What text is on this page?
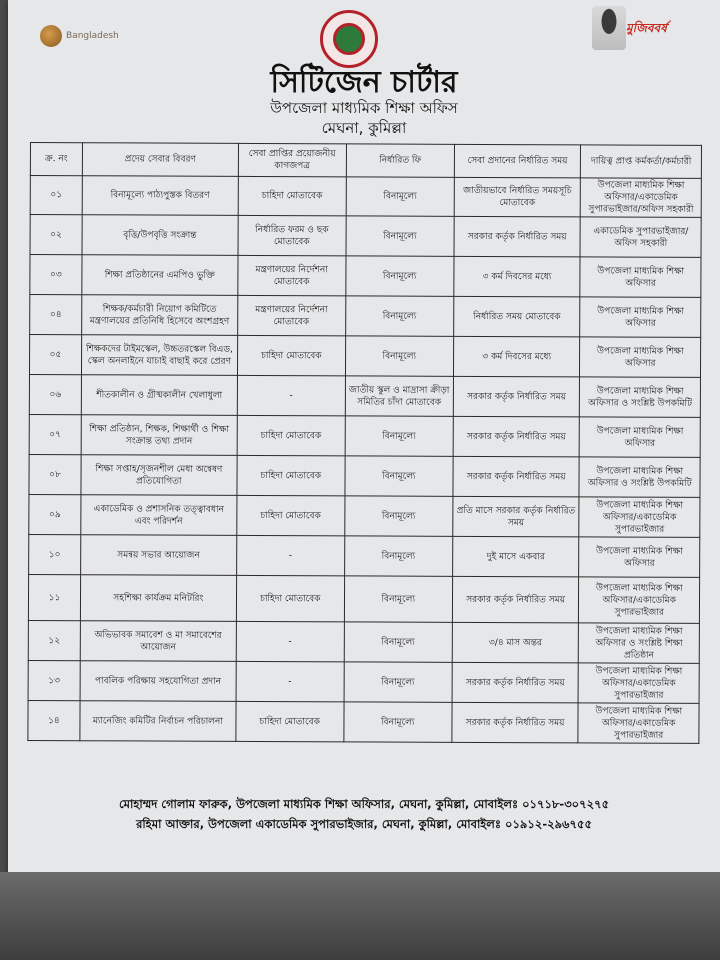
Bangladesh
মুজিববর্ষ
সিটিজেন চার্টার
উপজেলা মাধ্যমিক শিক্ষা অফিস
মেঘনা, কুমিল্লা
ক্র. নং	প্রদেয় সেবার বিবরণ	সেবা প্রাপ্তির প্রয়োজনীয় কাগজপত্র	নির্ধারিত ফি	সেবা প্রদানের নির্ধারিত সময়	দায়িত্ব প্রাপ্ত কর্মকর্তা/কর্মচারী
০১	বিনামূল্যে পাঠ্যপুস্তক বিতরণ	চাহিদা মোতাবেক	বিনামূল্যে	জাতীয়ভাবে নির্ধারিত সময়সূচি মোতাবেক	উপজেলা মাধ্যমিক শিক্ষা অফিসার/একাডেমিক সুপারভাইজার/অফিস সহকারী
০২	বৃত্তি/উপবৃত্তি সংক্রান্ত	নির্ধারিত ফরম ও ছক মোতাবেক	বিনামূল্যে	সরকার কর্তৃক নির্ধারিত সময়	একাডেমিক সুপারভাইজার/অফিস সহকারী
০৩	শিক্ষা প্রতিষ্ঠানের এমপিও ভুক্তি	মন্ত্রণালয়ের নির্দেশনা মোতাবেক	বিনামূল্যে	৩ কর্ম দিবসের মধ্যে	উপজেলা মাধ্যমিক শিক্ষা অফিসার
০৪	শিক্ষক/কর্মচারী নিয়োগ কমিটিতে মন্ত্রণালয়ের প্রতিনিধি হিসেবে অংশগ্রহণ	মন্ত্রণালয়ের নির্দেশনা মোতাবেক	বিনামূল্যে	নির্ধারিত সময় মোতাবেক	উপজেলা মাধ্যমিক শিক্ষা অফিসার
০৫	শিক্ষকদের টাইমস্কেল, উচ্চতরস্কেল বিএড, স্কেল অনলাইনে যাচাই বাছাই করে প্রেরণ	চাহিদা মোতাবেক	বিনামূল্যে	৩ কর্ম দিবসের মধ্যে	উপজেলা মাধ্যমিক শিক্ষা অফিসার
০৬	শীতকালীন ও গ্রীষ্মকালীন খেলাধুলা	-	জাতীয় স্কুল ও মাদ্রাসা ক্রীড়া সমিতির চাঁদা মোতাবেক	সরকার কর্তৃক নির্ধারিত সময়	উপজেলা মাধ্যমিক শিক্ষা অফিসার ও সংশ্লিষ্ট উপকমিটি
০৭	শিক্ষা প্রতিষ্ঠান, শিক্ষক, শিক্ষার্থী ও শিক্ষা সংক্রান্ত তথ্য প্রদান	চাহিদা মোতাবেক	বিনামূল্যে	সরকার কর্তৃক নির্ধারিত সময়	উপজেলা মাধ্যমিক শিক্ষা অফিসার
০৮	শিক্ষা সপ্তাহ/সৃজনশীল মেধা অন্বেষণ প্রতিযোগিতা	চাহিদা মোতাবেক	বিনামূল্যে	সরকার কর্তৃক নির্ধারিত সময়	উপজেলা মাধ্যমিক শিক্ষা অফিসার ও সংশ্লিষ্ট উপকমিটি
০৯	একাডেমিক ও প্রশাসনিক তত্ত্বাবধান এবং পরিদর্শন	চাহিদা মোতাবেক	বিনামূল্যে	প্রতি মাসে সরকার কর্তৃক নির্ধারিত সময়	উপজেলা মাধ্যমিক শিক্ষা অফিসার/একাডেমিক সুপারভাইজার
১০	সমন্বয় সভার আয়োজন	-	বিনামূল্যে	দুই মাসে একবার	উপজেলা মাধ্যমিক শিক্ষা অফিসার
১১	সহশিক্ষা কার্যক্রম মনিটরিং	চাহিদা মোতাবেক	বিনামূল্যে	সরকার কর্তৃক নির্ধারিত সময়	উপজেলা মাধ্যমিক শিক্ষা অফিসার/একাডেমিক সুপারভাইজার
১২	অভিভাবক সমাবেশ ও মা সমাবেশের আয়োজন	-	বিনামূল্যে	৩/৪ মাস অন্তর	উপজেলা মাধ্যমিক শিক্ষা অফিসার ও সংশ্লিষ্ট শিক্ষা প্রতিষ্ঠান
১৩	পাবলিক পরিক্ষায় সহযোগিতা প্রদান	-	বিনামূল্যে	সরকার কর্তৃক নির্ধারিত সময়	উপজেলা মাধ্যমিক শিক্ষা অফিসার/একাডেমিক সুপারভাইজার
১৪	ম্যানেজিং কমিটির নির্বাচন পরিচালনা	চাহিদা মোতাবেক	বিনামূল্যে	সরকার কর্তৃক নির্ধারিত সময়	উপজেলা মাধ্যমিক শিক্ষা অফিসার/একাডেমিক সুপারভাইজার
মোহাম্মদ গোলাম ফারুক, উপজেলা মাধ্যমিক শিক্ষা অফিসার, মেঘনা, কুমিল্লা, মোবাইলঃ ০১৭১৮-৩০৭২৭৫
রহিমা আক্তার, উপজেলা একাডেমিক সুপারভাইজার, মেঘনা, কুমিল্লা, মোবাইলঃ ০১৯১২-২৯৬৭৫৫
